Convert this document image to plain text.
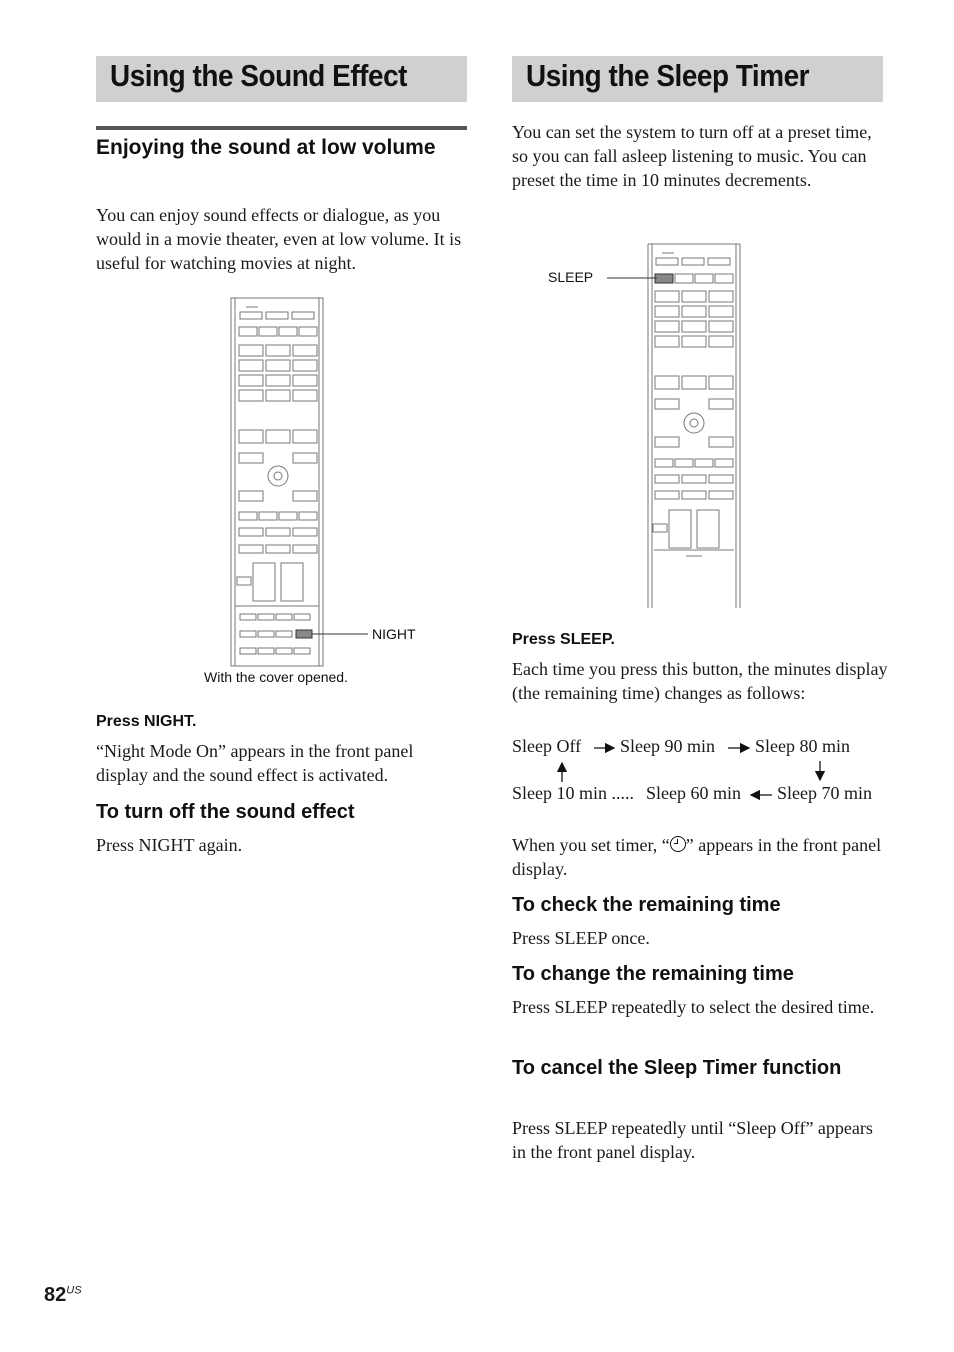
Using the Sound Effect
Enjoying the sound at low volume
You can enjoy sound effects or dialogue, as you would in a movie theater, even at low volume. It is useful for watching movies at night.
NIGHT
With the cover opened.
Press NIGHT.
“Night Mode On” appears in the front panel display and the sound effect is activated.
To turn off the sound effect
Press NIGHT again.
Using the Sleep Timer
You can set the system to turn off at a preset time, so you can fall asleep listening to music. You can preset the time in 10 minutes decrements.
SLEEP
Press SLEEP.
Each time you press this button, the minutes display (the remaining time) changes as follows:
Sleep Off Sleep 90 min Sleep 80 min
Sleep 10 min ..... Sleep 60 min Sleep 70 min
When you set timer, “ ” appears in the front panel display.
To check the remaining time
Press SLEEP once.
To change the remaining time
Press SLEEP repeatedly to select the desired time.
To cancel the Sleep Timer function
Press SLEEP repeatedly until “Sleep Off” appears in the front panel display.
$82^{US}$
